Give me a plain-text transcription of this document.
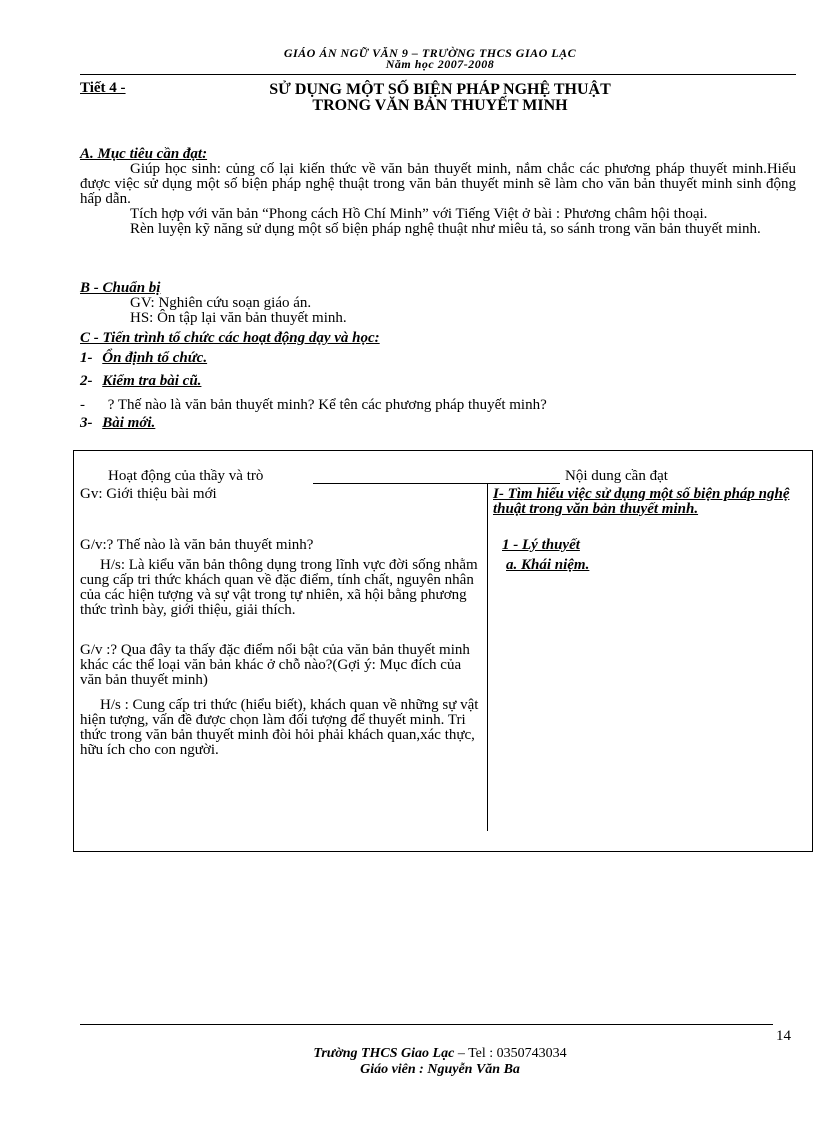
GIÁO ÁN NGỮ VĂN 9 – TRƯỜNG THCS GIAO LẠC
Năm học 2007-2008
Tiết 4 -	SỬ DỤNG MỘT SỐ BIỆN PHÁP NGHỆ THUẬT
TRONG VĂN BẢN THUYẾT MINH
A. Mục tiêu cần đạt:
Giúp học sinh: củng cố lại kiến thức về văn bản thuyết minh, nắm chắc các phương pháp thuyết minh.Hiểu được việc sử dụng một số biện pháp nghệ thuật trong văn bản thuyết minh sẽ làm cho văn bản thuyết minh sinh động hấp dẫn.
Tích hợp với văn bản “Phong cách Hồ Chí Minh” với Tiếng Việt ở bài : Phương châm hội thoại.
Rèn luyện kỹ năng sử dụng một số biện pháp nghệ thuật như miêu tả, so sánh trong văn bản thuyết minh.
B - Chuẩn bị
GV: Nghiên cứu soạn giáo án.
HS: Ôn tập lại văn bản thuyết minh.
C - Tiến trình tổ chức các hoạt động dạy và học:
1- Ổn định tổ chức.
2- Kiểm tra bài cũ.
- ? Thế nào là văn bản thuyết minh? Kể tên các phương pháp thuyết minh?
3- Bài mới.
Hoạt động của thầy và trò	Nội dung cần đạt
Gv: Giới thiệu bài mới
G/v:? Thế nào là văn bản thuyết minh?
H/s: Là kiểu văn bản thông dụng trong lĩnh vực đời sống nhằm cung cấp tri thức khách quan về đặc điểm, tính chất, nguyên nhân của các hiện tượng và sự vật trong tự nhiên, xã hội bằng phương thức trình bày, giới thiệu, giải thích.
G/v :? Qua đây ta thấy đặc điểm nổi bật của văn bản thuyết minh khác các thể loại văn bản khác ở chỗ nào?(Gợi ý: Mục đích của văn bản thuyết minh)
H/s : Cung cấp tri thức (hiểu biết), khách quan về những sự vật hiện tượng, vấn đề được chọn làm đối tượng để thuyết minh. Tri thức trong văn bản thuyết minh đòi hỏi phải khách quan,xác thực, hữu ích cho con người.
I- Tìm hiểu việc sử dụng một số biện pháp nghệ thuật trong văn bản thuyết minh.
1 - Lý thuyết
a. Khái niệm.
14
Trường THCS Giao Lạc – Tel : 0350743034
Giáo viên : Nguyễn Văn Ba
